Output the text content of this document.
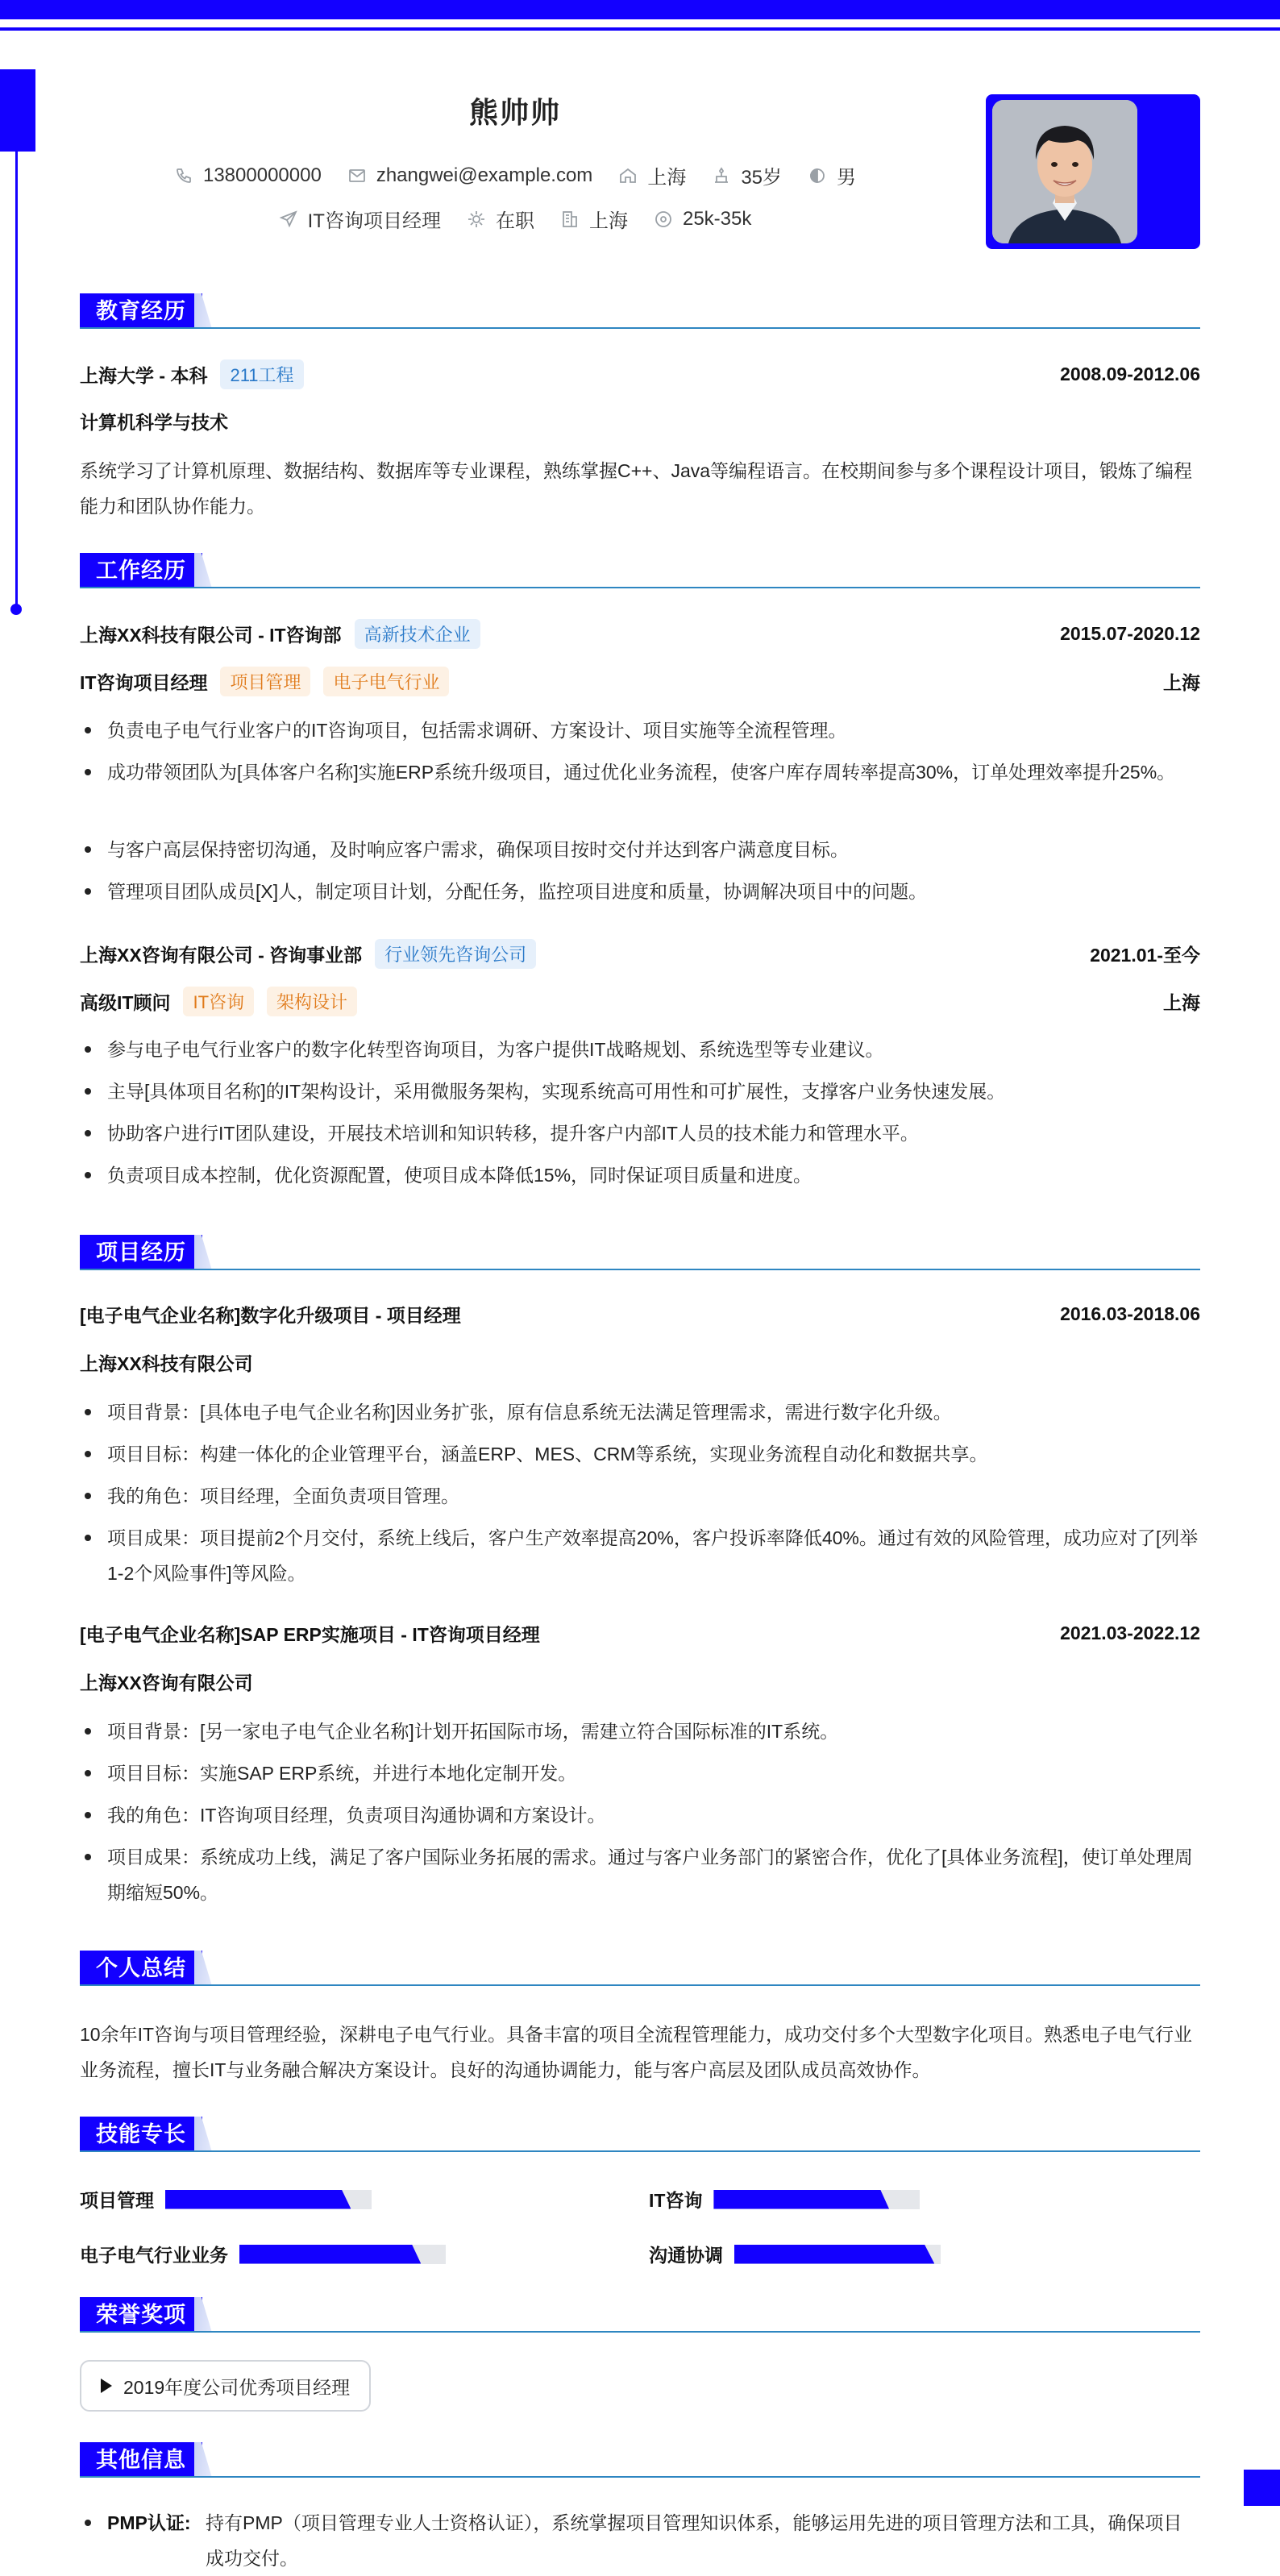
熊帅帅
13800000000	zhangwei@example.com	上海	35岁	男
IT咨询项目经理	在职	上海	25k-35k
教育经历
上海大学 - 本科	211工程	2008.09-2012.06
计算机科学与技术
系统学习了计算机原理、数据结构、数据库等专业课程，熟练掌握C++、Java等编程语言。在校期间参与多个课程设计项目，锻炼了编程能力和团队协作能力。
工作经历
上海XX科技有限公司 - IT咨询部	高新技术企业	2015.07-2020.12
IT咨询项目经理	项目管理	电子电气行业	上海
负责电子电气行业客户的IT咨询项目，包括需求调研、方案设计、项目实施等全流程管理。
成功带领团队为[具体客户名称]实施ERP系统升级项目，通过优化业务流程，使客户库存周转率提高30%，订单处理效率提升25%。
与客户高层保持密切沟通，及时响应客户需求，确保项目按时交付并达到客户满意度目标。
管理项目团队成员[X]人，制定项目计划，分配任务，监控项目进度和质量，协调解决项目中的问题。
上海XX咨询有限公司 - 咨询事业部	行业领先咨询公司	2021.01-至今
高级IT顾问	IT咨询	架构设计	上海
参与电子电气行业客户的数字化转型咨询项目，为客户提供IT战略规划、系统选型等专业建议。
主导[具体项目名称]的IT架构设计，采用微服务架构，实现系统高可用性和可扩展性，支撑客户业务快速发展。
协助客户进行IT团队建设，开展技术培训和知识转移，提升客户内部IT人员的技术能力和管理水平。
负责项目成本控制，优化资源配置，使项目成本降低15%，同时保证项目质量和进度。
项目经历
[电子电气企业名称]数字化升级项目 - 项目经理	2016.03-2018.06
上海XX科技有限公司
项目背景：[具体电子电气企业名称]因业务扩张，原有信息系统无法满足管理需求，需进行数字化升级。
项目目标：构建一体化的企业管理平台，涵盖ERP、MES、CRM等系统，实现业务流程自动化和数据共享。
我的角色：项目经理，全面负责项目管理。
项目成果：项目提前2个月交付，系统上线后，客户生产效率提高20%，客户投诉率降低40%。通过有效的风险管理，成功应对了[列举1-2个风险事件]等风险。
[电子电气企业名称]SAP ERP实施项目 - IT咨询项目经理	2021.03-2022.12
上海XX咨询有限公司
项目背景：[另一家电子电气企业名称]计划开拓国际市场，需建立符合国际标准的IT系统。
项目目标：实施SAP ERP系统，并进行本地化定制开发。
我的角色：IT咨询项目经理，负责项目沟通协调和方案设计。
项目成果：系统成功上线，满足了客户国际业务拓展的需求。通过与客户业务部门的紧密合作，优化了[具体业务流程]，使订单处理周期缩短50%。
个人总结
10余年IT咨询与项目管理经验，深耕电子电气行业。具备丰富的项目全流程管理能力，成功交付多个大型数字化项目。熟悉电子电气行业业务流程，擅长IT与业务融合解决方案设计。良好的沟通协调能力，能与客户高层及团队成员高效协作。
技能专长
项目管理	IT咨询
电子电气行业业务	沟通协调
荣誉奖项
2019年度公司优秀项目经理
其他信息
PMP认证: 持有PMP（项目管理专业人士资格认证），系统掌握项目管理知识体系，能够运用先进的项目管理方法和工具，确保项目成功交付。
